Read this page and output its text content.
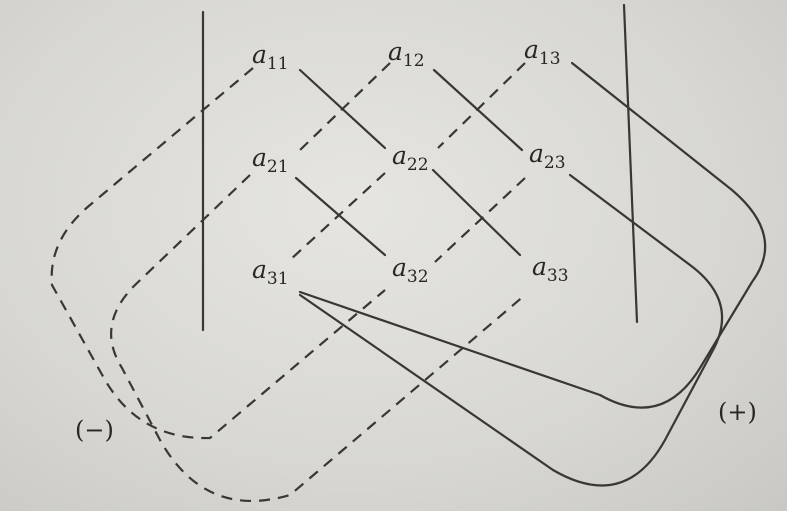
$a_{11}$	$a_{12}$	$a_{13}$
$a_{21}$	$a_{22}$	$a_{23}$
$a_{31}$	$a_{32}$	$a_{33}$
(−)
(+)
